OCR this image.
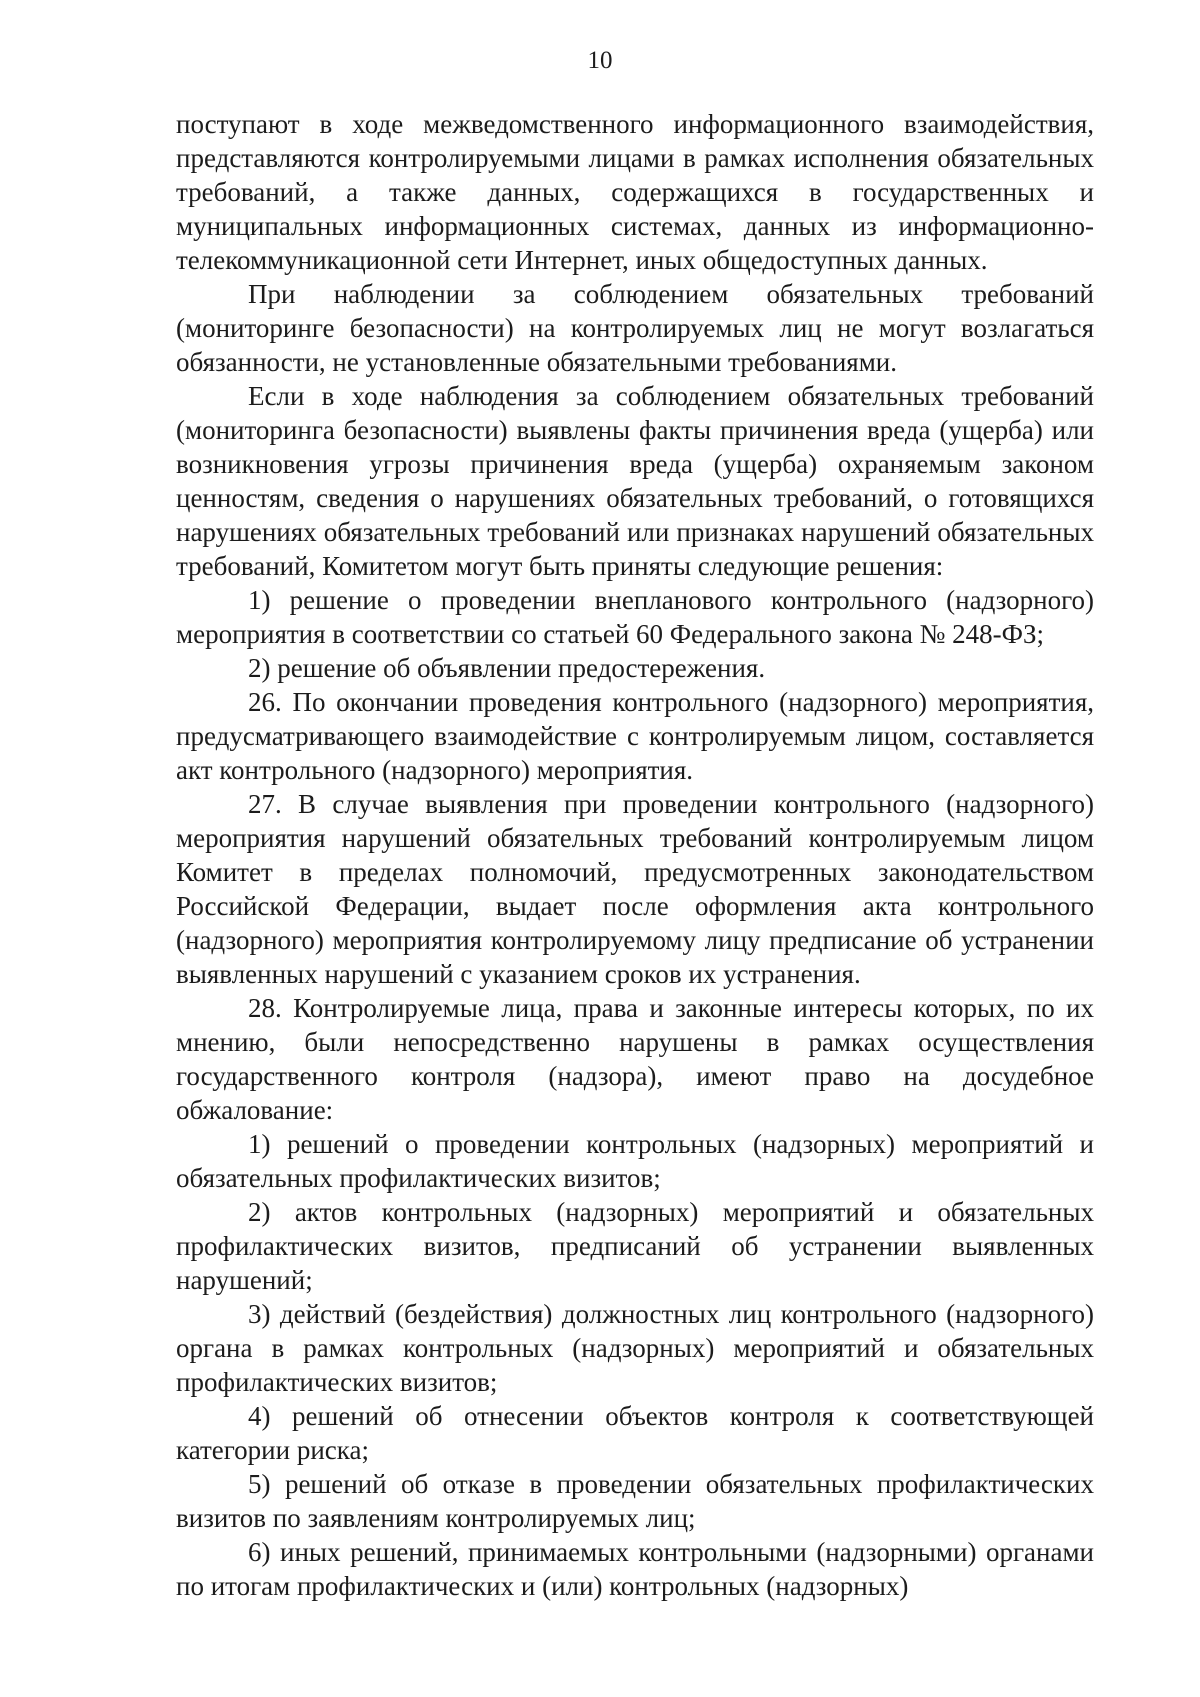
10

поступают в ходе межведомственного информационного взаимодействия, представляются контролируемыми лицами в рамках исполнения обязательных требований, а также данных, содержащихся в государственных и муниципальных информационных системах, данных из информационно-телекоммуникационной сети Интернет, иных общедоступных данных.

При наблюдении за соблюдением обязательных требований (мониторинге безопасности) на контролируемых лиц не могут возлагаться обязанности, не установленные обязательными требованиями.

Если в ходе наблюдения за соблюдением обязательных требований (мониторинга безопасности) выявлены факты причинения вреда (ущерба) или возникновения угрозы причинения вреда (ущерба) охраняемым законом ценностям, сведения о нарушениях обязательных требований, о готовящихся нарушениях обязательных требований или признаках нарушений обязательных требований, Комитетом могут быть приняты следующие решения:

1) решение о проведении внепланового контрольного (надзорного) мероприятия в соответствии со статьей 60 Федерального закона № 248-ФЗ;

2) решение об объявлении предостережения.

26. По окончании проведения контрольного (надзорного) мероприятия, предусматривающего взаимодействие с контролируемым лицом, составляется акт контрольного (надзорного) мероприятия.

27. В случае выявления при проведении контрольного (надзорного) мероприятия нарушений обязательных требований контролируемым лицом Комитет в пределах полномочий, предусмотренных законодательством Российской Федерации, выдает после оформления акта контрольного (надзорного) мероприятия контролируемому лицу предписание об устранении выявленных нарушений с указанием сроков их устранения.

28. Контролируемые лица, права и законные интересы которых, по их мнению, были непосредственно нарушены в рамках осуществления государственного контроля (надзора), имеют право на досудебное обжалование:

1) решений о проведении контрольных (надзорных) мероприятий и обязательных профилактических визитов;

2) актов контрольных (надзорных) мероприятий и обязательных профилактических визитов, предписаний об устранении выявленных нарушений;

3) действий (бездействия) должностных лиц контрольного (надзорного) органа в рамках контрольных (надзорных) мероприятий и обязательных профилактических визитов;

4) решений об отнесении объектов контроля к соответствующей категории риска;

5) решений об отказе в проведении обязательных профилактических визитов по заявлениям контролируемых лиц;

6) иных решений, принимаемых контрольными (надзорными) органами по итогам профилактических и (или) контрольных (надзорных)
